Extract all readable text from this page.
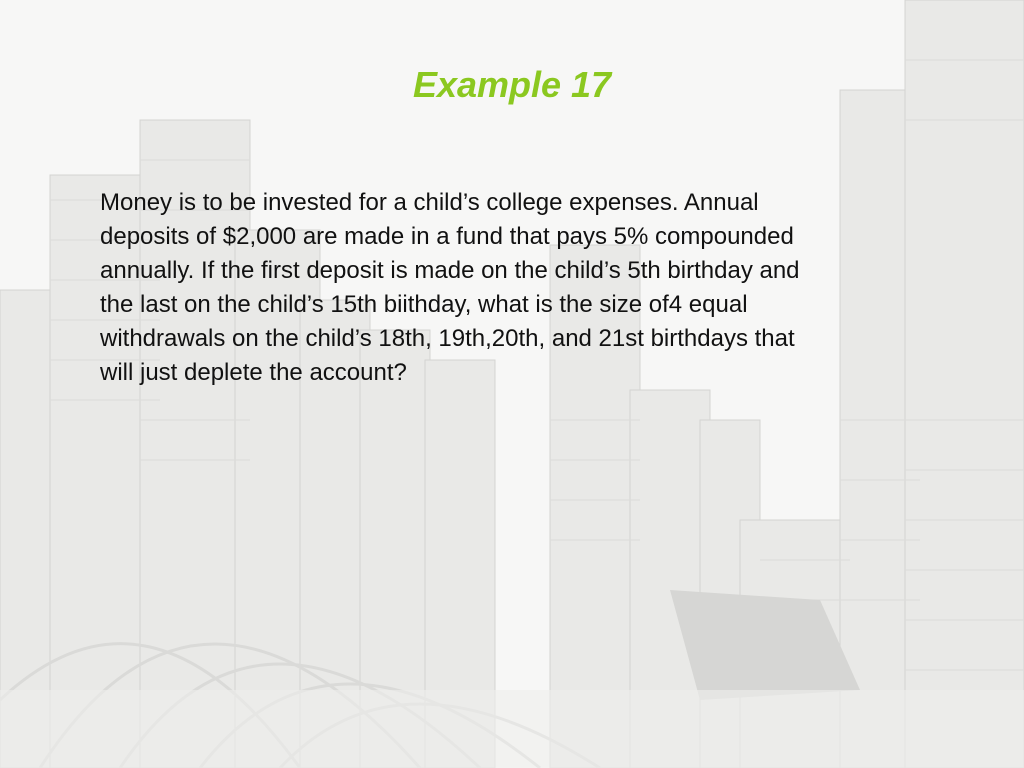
Example 17
Money is to be invested for a child’s college expenses. Annual
deposits of $2,000 are made in a fund that pays 5% compounded
annually. If the first deposit is made on the child’s 5th birthday and
the last on the child’s 15th biithday, what is the size of4 equal
withdrawals on the child’s 18th, 19th,20th, and 21st birthdays that
will just deplete the account?
